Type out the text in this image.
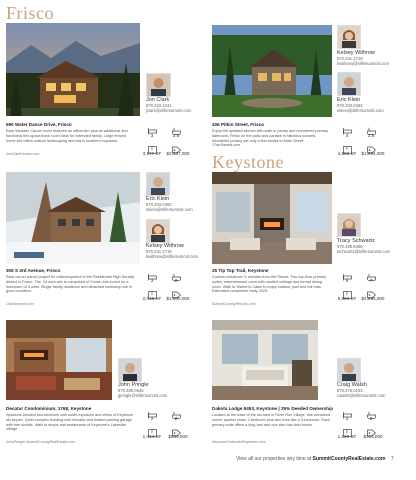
Frisco
Keystone
Jon Clark
970.333.1041
jclark@slifersummit.com
590 Water Dance Drive, Frisco
Rare Wooden Canoe home features an office/den plus an additional and functional flex-space/bunk room ideal for extended family. Large fenced home site offers mature landscaping and warm southern exposure.
JonClarkHomes.com
3	3.5
3,177 SF	$2,587,000
Kelsey Withrow
970.231.2719
kwithrow@slifersummit.com
Eric Klein
970.333.0482
eklein@slifersummit.com
406 Pitkin Street, Frisco
Enjoy the updated kitchen with walk-in pantry and remodeled primary bathroom. Relax on the patio and partake in fabulous sunsets. Wonderful privacy yet only a few blocks to Main Street. 17anSawed.com
4	3.5
4,506 SF	$1,994,000
Eric Klein
970.333.0482
eklein@slifersummit.com
Kelsey Withrow
970.231.2719
kwithrow@slifersummit.com
306 S 3rd Avenue, Frisco
Rare corner parcel project for redevelopment in the Residential High Density district in Frisco. The .24 acre site is comprised of 3 town lots zoned for a maximum of 4 units. Single family residence and detached workshop are in good condition.
OlanSummit.com
3	2
2,048 SF	$1,900,000
Tracy Schwartz
970.485.9456
tschwartz@slifersummit.com
25 Tip Top Trail, Keystone
Custom residence ½ minutes from the Resort. Two top-floor primary suites, entertainment room with vaulted ceilings and formal dining room. Walk to Warren's Cabin to enjoy outdoor pool and hot tubs. Estimated completion early 2023.
SummitCountyResorts.com
5	7
5,656 SF	$4,695,000
John Pringle
970.389.0645
jpringle@slifersummit.com
Decatur Condominium, 1768, Keystone
Spacious Decatur two-bedroom with south exposure and views of Keystone ski slopes. Quiet complex building with elevator and heated parking garage with free shuttle. Walk to shops and restaurants of Keystone's Lakeside Village.
JohnPringle.SummitCountyRealEstate.com
2	2
1,414 SF	$839,000
Craig Walsh
970.376.0193
cwalsh@slifersummit.com
Dakota Lodge 8453, Keystone | 25% Deeded Ownership
Located at the base of the ski area in River Run Village, this oversized corner quarter share 2-bedroom plus den lives like a 3-bedroom. Each primary suite offers a king bed and one also has twin bunks.
KeystoneColoradoProperties.com
2	2
1,120 SF	$315,000
View all our properties any time at SummitCountyRealEstate.com 7
